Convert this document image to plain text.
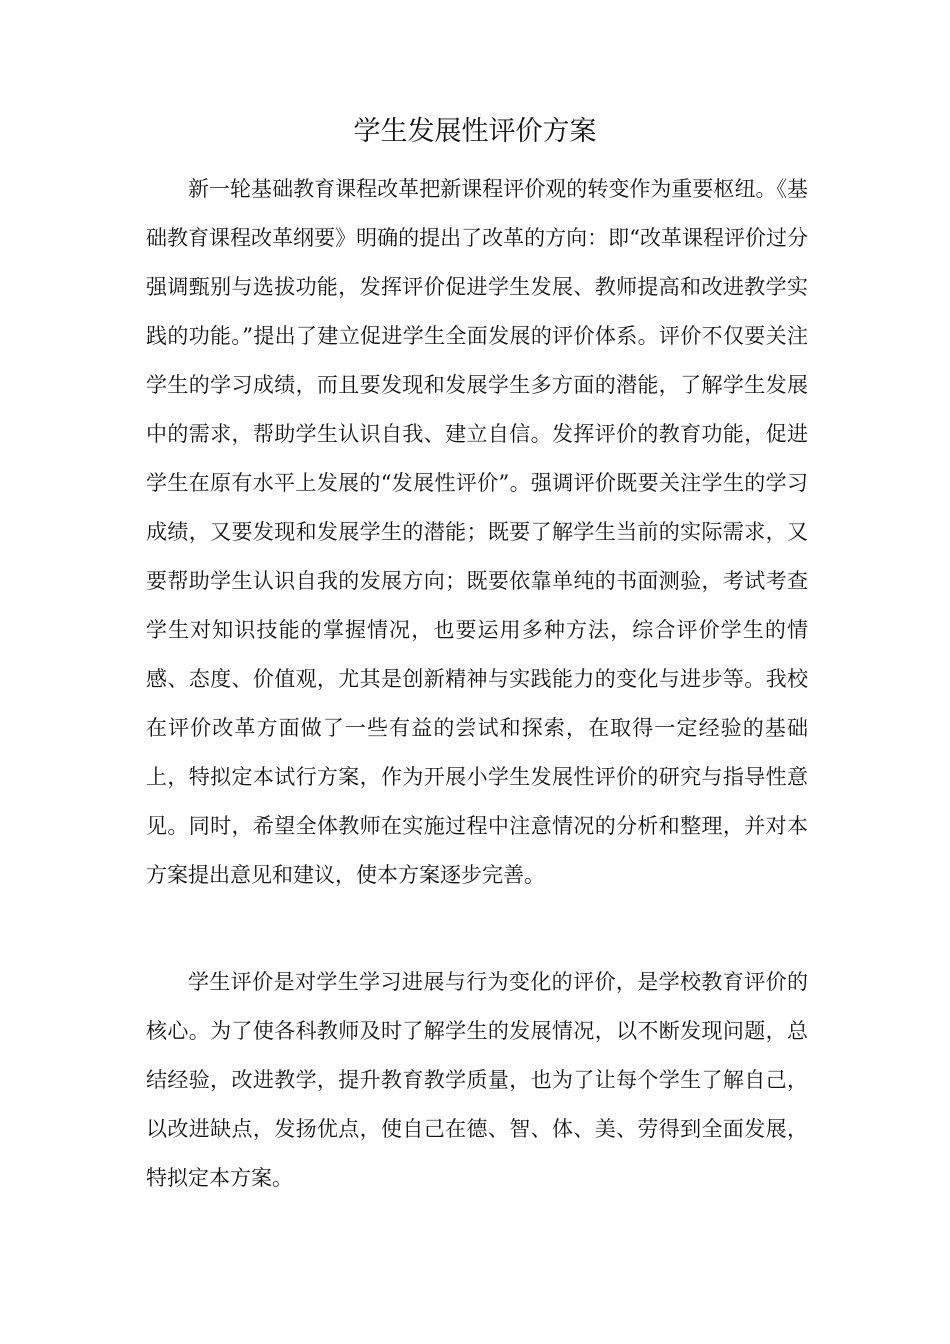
学生发展性评价方案

新一轮基础教育课程改革把新课程评价观的转变作为重要枢纽。《基础教育课程改革纲要》明确的提出了改革的方向：即“改革课程评价过分强调甄别与选拔功能，发挥评价促进学生发展、教师提高和改进教学实践的功能。”提出了建立促进学生全面发展的评价体系。评价不仅要关注学生的学习成绩，而且要发现和发展学生多方面的潜能，了解学生发展中的需求，帮助学生认识自我、建立自信。发挥评价的教育功能，促进学生在原有水平上发展的“发展性评价”。强调评价既要关注学生的学习成绩，又要发现和发展学生的潜能；既要了解学生当前的实际需求，又要帮助学生认识自我的发展方向；既要依靠单纯的书面测验，考试考查学生对知识技能的掌握情况，也要运用多种方法，综合评价学生的情感、态度、价值观，尤其是创新精神与实践能力的变化与进步等。我校在评价改革方面做了一些有益的尝试和探索，在取得一定经验的基础上，特拟定本试行方案，作为开展小学生发展性评价的研究与指导性意见。同时，希望全体教师在实施过程中注意情况的分析和整理，并对本方案提出意见和建议，使本方案逐步完善。

学生评价是对学生学习进展与行为变化的评价，是学校教育评价的核心。为了使各科教师及时了解学生的发展情况，以不断发现问题，总结经验，改进教学，提升教育教学质量，也为了让每个学生了解自己，以改进缺点，发扬优点，使自己在德、智、体、美、劳得到全面发展，特拟定本方案。
